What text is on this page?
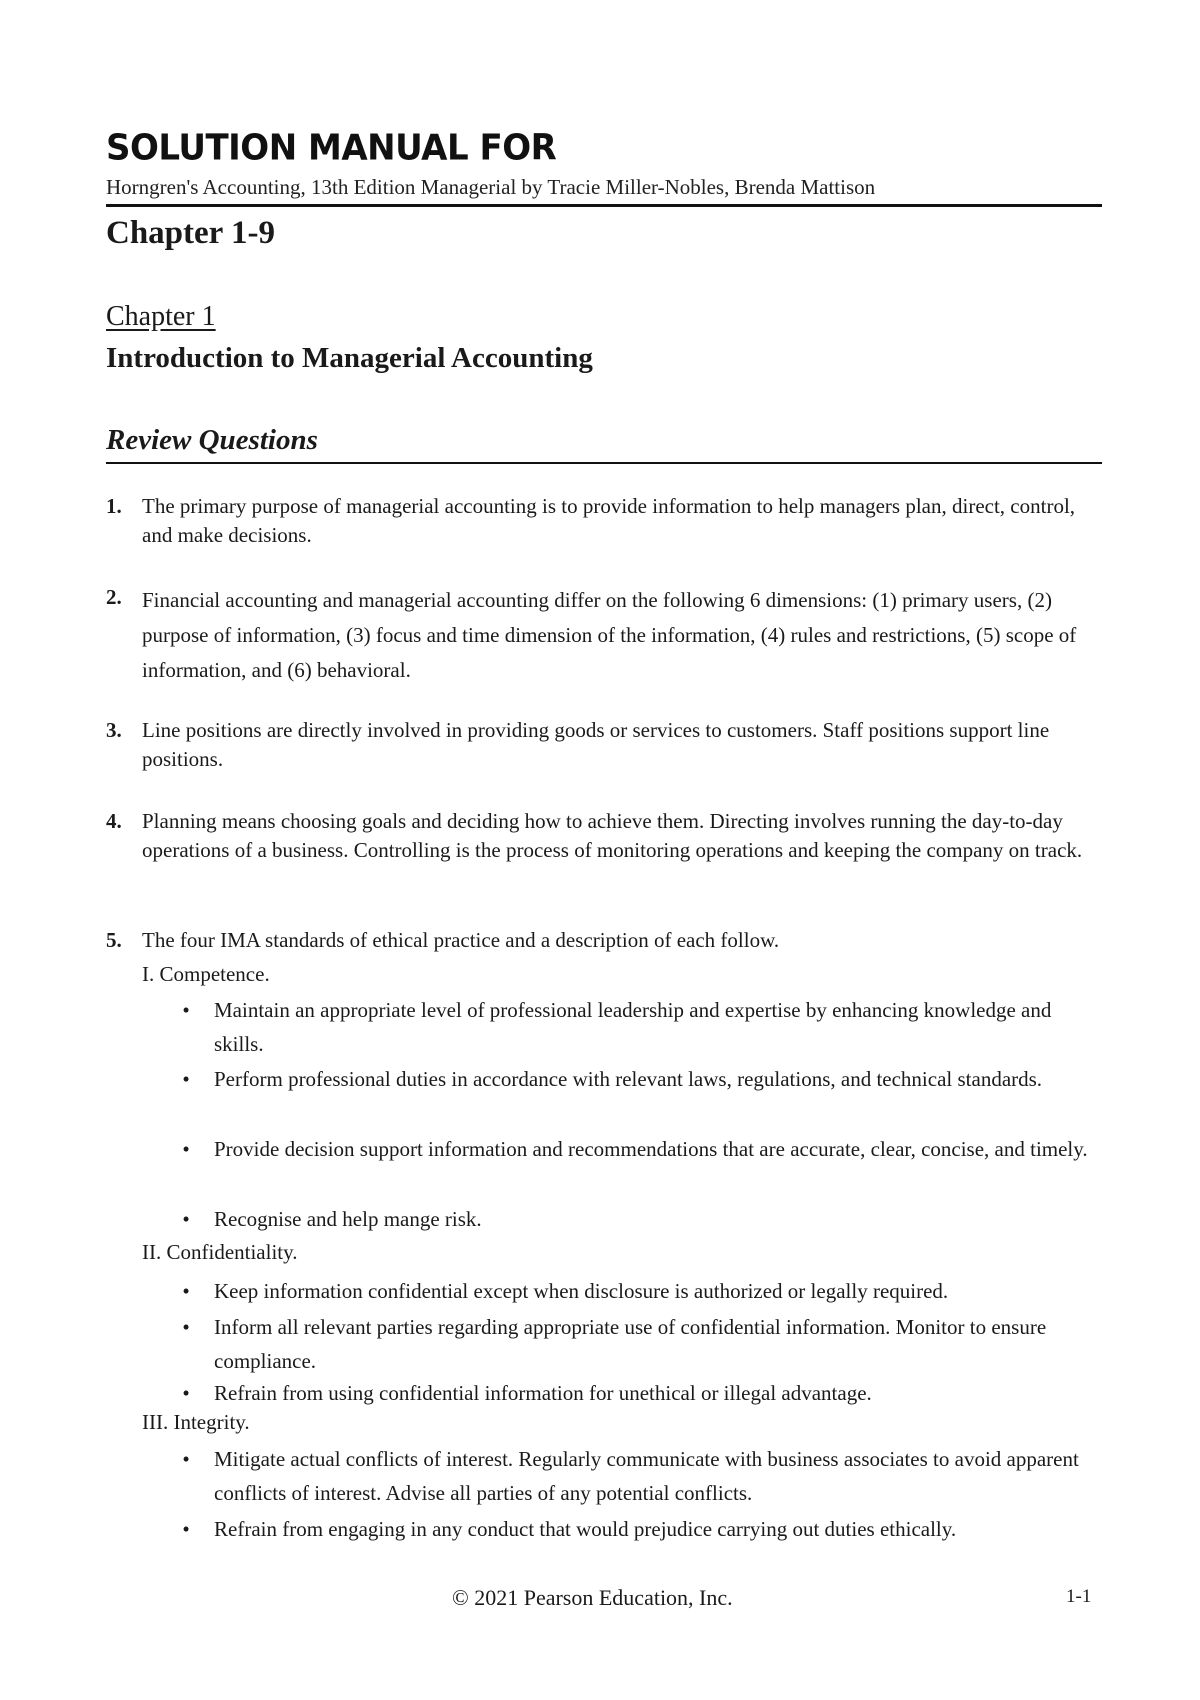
SOLUTION MANUAL FOR
Horngren's Accounting, 13th Edition Managerial by Tracie Miller-Nobles, Brenda Mattison
Chapter 1-9
Chapter 1
Introduction to Managerial Accounting
Review Questions
1. The primary purpose of managerial accounting is to provide information to help managers plan, direct, control, and make decisions.
2. Financial accounting and managerial accounting differ on the following 6 dimensions: (1) primary users, (2) purpose of information, (3) focus and time dimension of the information, (4) rules and restrictions, (5) scope of information, and (6) behavioral.
3. Line positions are directly involved in providing goods or services to customers. Staff positions support line positions.
4. Planning means choosing goals and deciding how to achieve them. Directing involves running the day-to-day operations of a business. Controlling is the process of monitoring operations and keeping the company on track.
5. The four IMA standards of ethical practice and a description of each follow.
I. Competence.
• Maintain an appropriate level of professional leadership and expertise by enhancing knowledge and skills.
• Perform professional duties in accordance with relevant laws, regulations, and technical standards.
• Provide decision support information and recommendations that are accurate, clear, concise, and timely.
• Recognise and help mange risk.
II. Confidentiality.
• Keep information confidential except when disclosure is authorized or legally required.
• Inform all relevant parties regarding appropriate use of confidential information. Monitor to ensure compliance.
• Refrain from using confidential information for unethical or illegal advantage.
III. Integrity.
• Mitigate actual conflicts of interest. Regularly communicate with business associates to avoid apparent conflicts of interest. Advise all parties of any potential conflicts.
• Refrain from engaging in any conduct that would prejudice carrying out duties ethically.
© 2021 Pearson Education, Inc.	1-1
